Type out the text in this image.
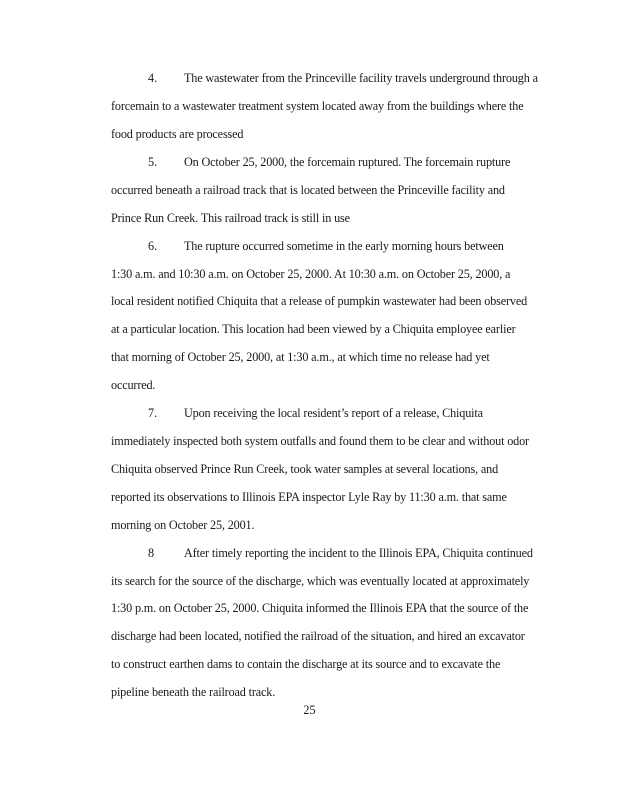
4. The wastewater from the Princeville facility travels underground through a
forcemain to a wastewater treatment system located away from the buildings where the
food products are processed
5. On October 25, 2000, the forcemain ruptured. The forcemain rupture
occurred beneath a railroad track that is located between the Princeville facility and
Prince Run Creek. This railroad track is still in use
6. The rupture occurred sometime in the early morning hours between
1:30 a.m. and 10:30 a.m. on October 25, 2000. At 10:30 a.m. on October 25, 2000, a
local resident notified Chiquita that a release of pumpkin wastewater had been observed
at a particular location. This location had been viewed by a Chiquita employee earlier
that morning of October 25, 2000, at 1:30 a.m., at which time no release had yet
occurred.
7. Upon receiving the local resident’s report of a release, Chiquita
immediately inspected both system outfalls and found them to be clear and without odor
Chiquita observed Prince Run Creek, took water samples at several locations, and
reported its observations to Illinois EPA inspector Lyle Ray by 11:30 a.m. that same
morning on October 25, 2001.
8 After timely reporting the incident to the Illinois EPA, Chiquita continued
its search for the source of the discharge, which was eventually located at approximately
1:30 p.m. on October 25, 2000. Chiquita informed the Illinois EPA that the source of the
discharge had been located, notified the railroad of the situation, and hired an excavator
to construct earthen dams to contain the discharge at its source and to excavate the
pipeline beneath the railroad track.
25
